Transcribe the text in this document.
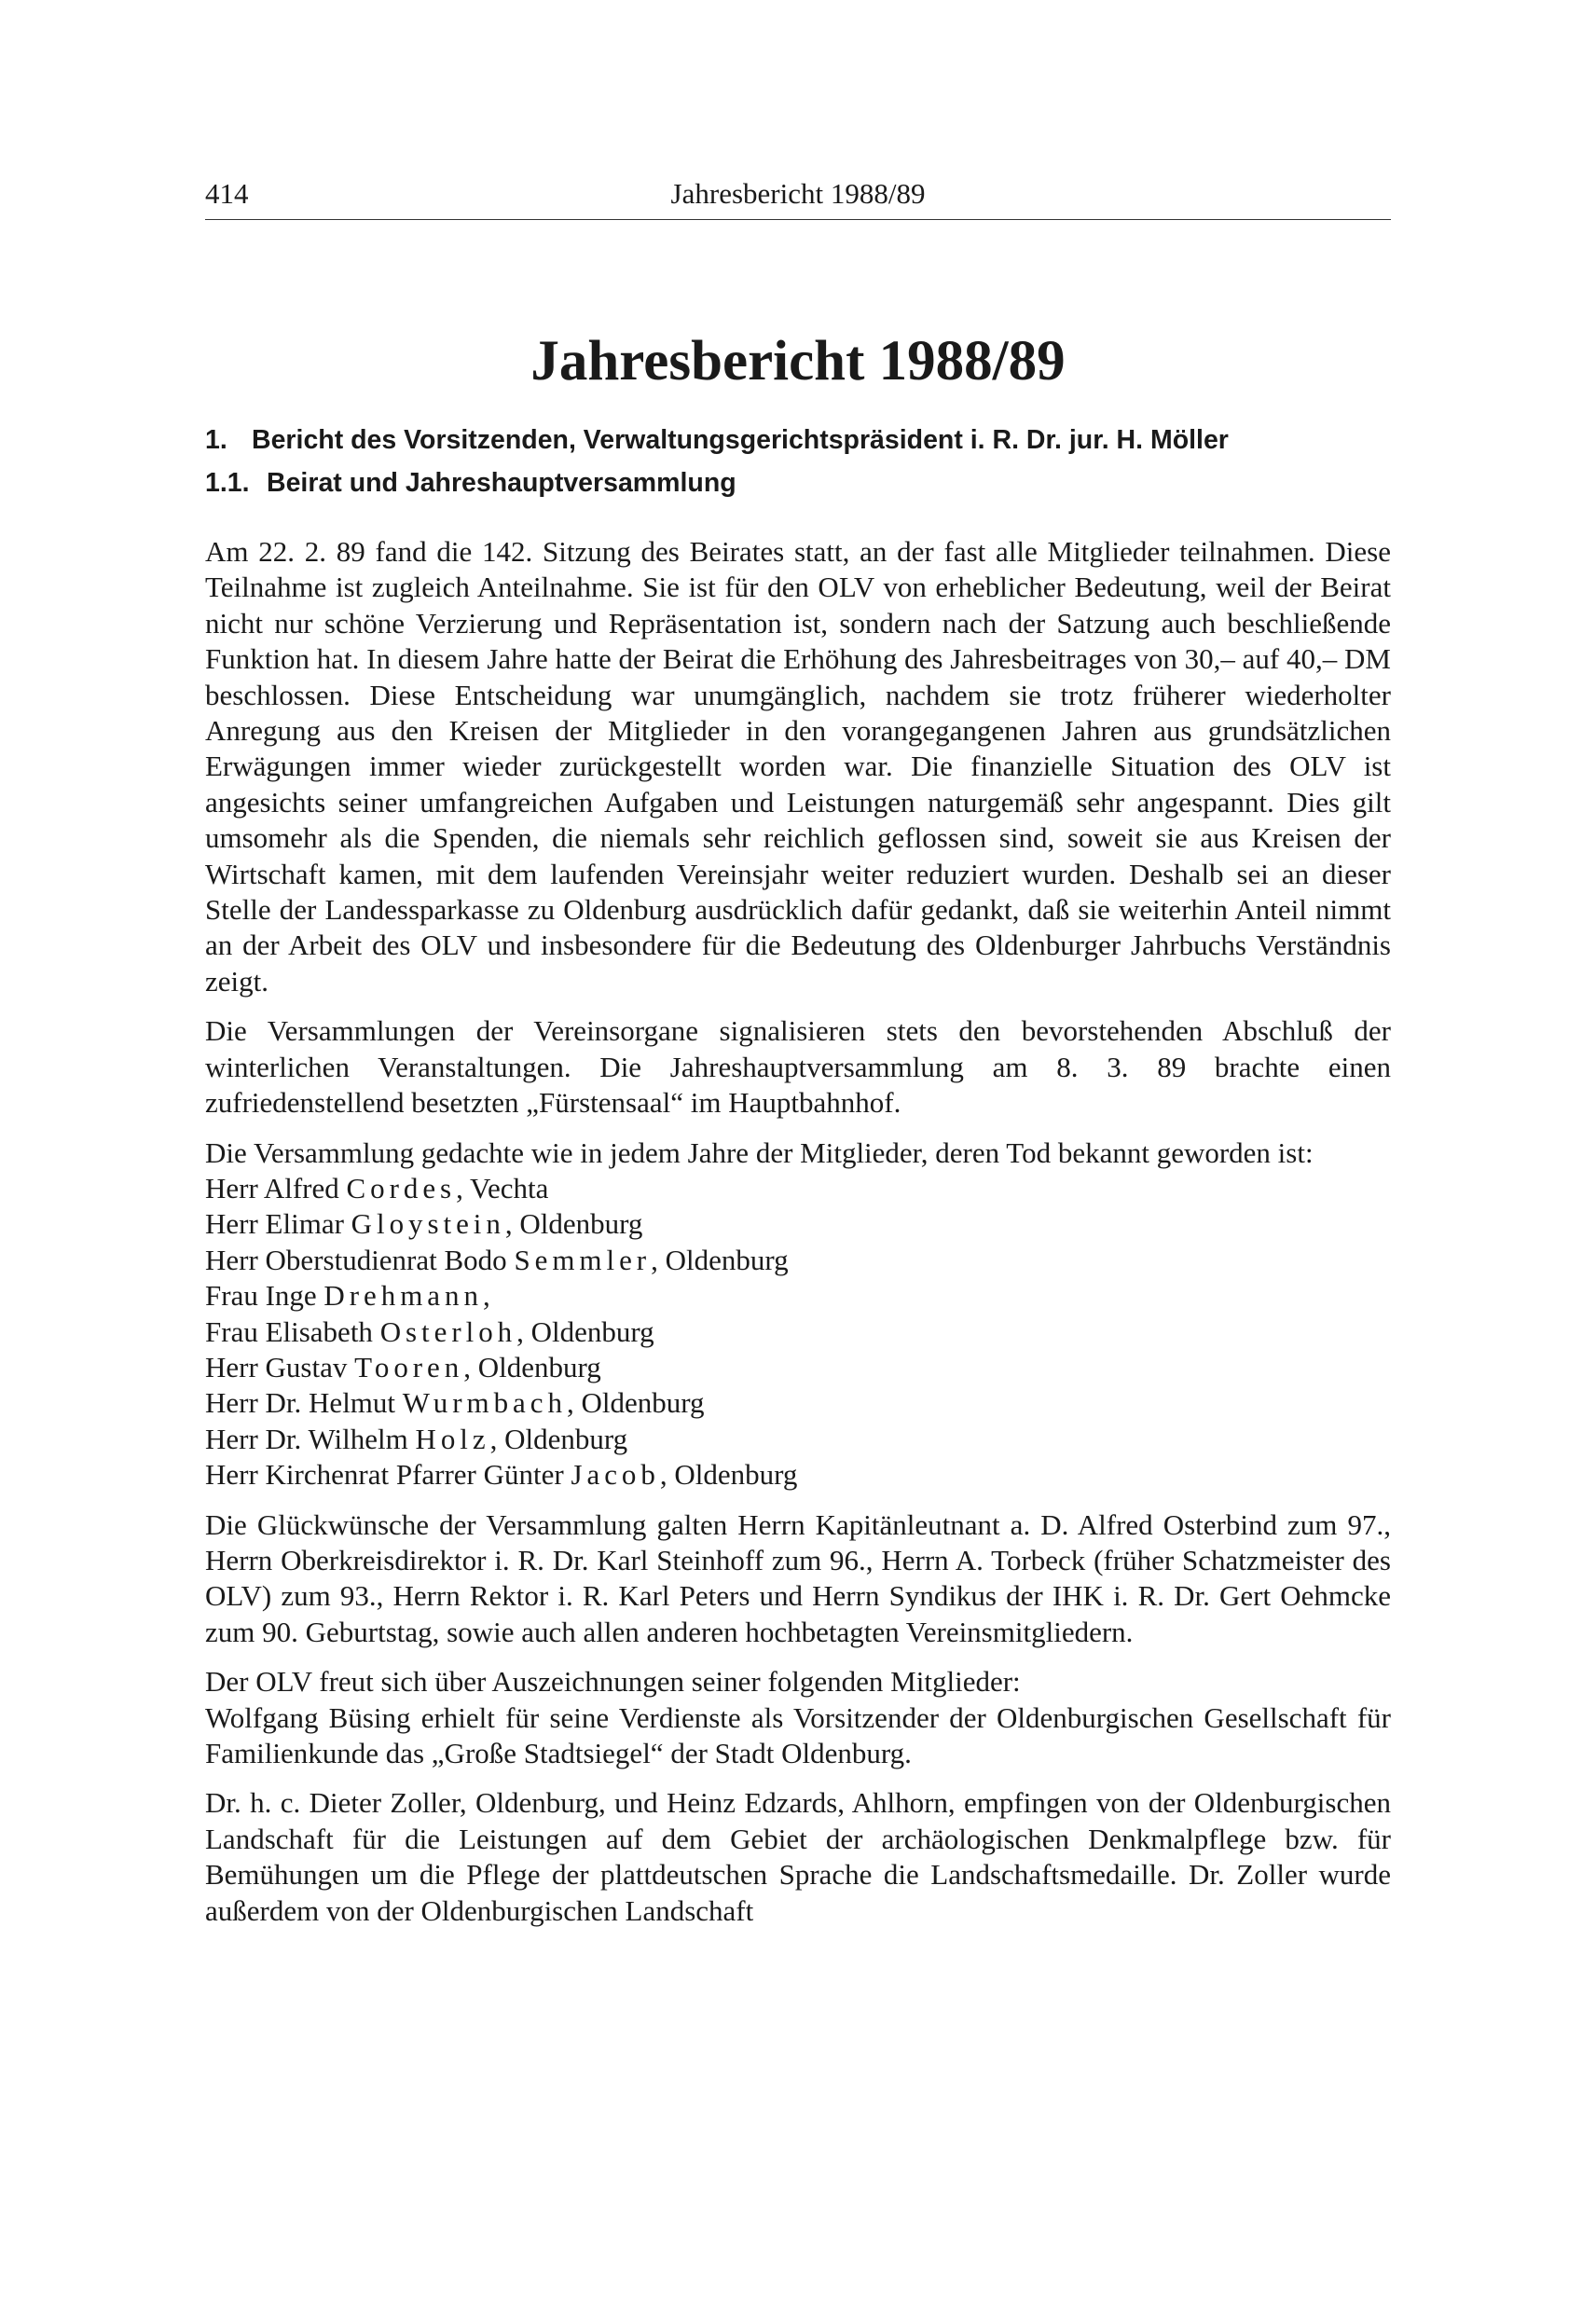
414	Jahresbericht 1988/89
Jahresbericht 1988/89
1. Bericht des Vorsitzenden, Verwaltungsgerichtspräsident i. R. Dr. jur. H. Möller
1.1. Beirat und Jahreshauptversammlung

Am 22. 2. 89 fand die 142. Sitzung des Beirates statt, an der fast alle Mitglieder teilnahmen. Diese Teilnahme ist zugleich Anteilnahme. Sie ist für den OLV von erheblicher Bedeutung, weil der Beirat nicht nur schöne Verzierung und Repräsentation ist, sondern nach der Satzung auch beschließende Funktion hat. In diesem Jahre hatte der Beirat die Erhöhung des Jahresbeitrages von 30,– auf 40,– DM beschlossen. Diese Entscheidung war unumgänglich, nachdem sie trotz früherer wiederholter Anregung aus den Kreisen der Mitglieder in den vorangegangenen Jahren aus grundsätzlichen Erwägungen immer wieder zurückgestellt worden war. Die finanzielle Situation des OLV ist angesichts seiner umfangreichen Aufgaben und Leistungen naturgemäß sehr angespannt. Dies gilt umsomehr als die Spenden, die niemals sehr reichlich geflossen sind, soweit sie aus Kreisen der Wirtschaft kamen, mit dem laufenden Vereinsjahr weiter reduziert wurden. Deshalb sei an dieser Stelle der Landessparkasse zu Oldenburg ausdrücklich dafür gedankt, daß sie weiterhin Anteil nimmt an der Arbeit des OLV und insbesondere für die Bedeutung des Oldenburger Jahrbuchs Verständnis zeigt.

Die Versammlungen der Vereinsorgane signalisieren stets den bevorstehenden Abschluß der winterlichen Veranstaltungen. Die Jahreshauptversammlung am 8. 3. 89 brachte einen zufriedenstellend besetzten „Fürstensaal“ im Hauptbahnhof.

Die Versammlung gedachte wie in jedem Jahre der Mitglieder, deren Tod bekannt geworden ist:

Herr Alfred Cordes, Vechta
Herr Elimar Gloystein, Oldenburg
Herr Oberstudienrat Bodo Semmler, Oldenburg
Frau Inge Drehmann,
Frau Elisabeth Osterloh, Oldenburg
Herr Gustav Tooren, Oldenburg
Herr Dr. Helmut Wurmbach, Oldenburg
Herr Dr. Wilhelm Holz, Oldenburg
Herr Kirchenrat Pfarrer Günter Jacob, Oldenburg

Die Glückwünsche der Versammlung galten Herrn Kapitänleutnant a. D. Alfred Osterbind zum 97., Herrn Oberkreisdirektor i. R. Dr. Karl Steinhoff zum 96., Herrn A. Torbeck (früher Schatzmeister des OLV) zum 93., Herrn Rektor i. R. Karl Peters und Herrn Syndikus der IHK i. R. Dr. Gert Oehmcke zum 90. Geburtstag, sowie auch allen anderen hochbetagten Vereinsmitgliedern.

Der OLV freut sich über Auszeichnungen seiner folgenden Mitglieder:

Wolfgang Büsing erhielt für seine Verdienste als Vorsitzender der Oldenburgischen Gesellschaft für Familienkunde das „Große Stadtsiegel“ der Stadt Oldenburg.

Dr. h. c. Dieter Zoller, Oldenburg, und Heinz Edzards, Ahlhorn, empfingen von der Oldenburgischen Landschaft für die Leistungen auf dem Gebiet der archäologischen Denkmalpflege bzw. für Bemühungen um die Pflege der plattdeutschen Sprache die Landschaftsmedaille. Dr. Zoller wurde außerdem von der Oldenburgischen Landschaft
